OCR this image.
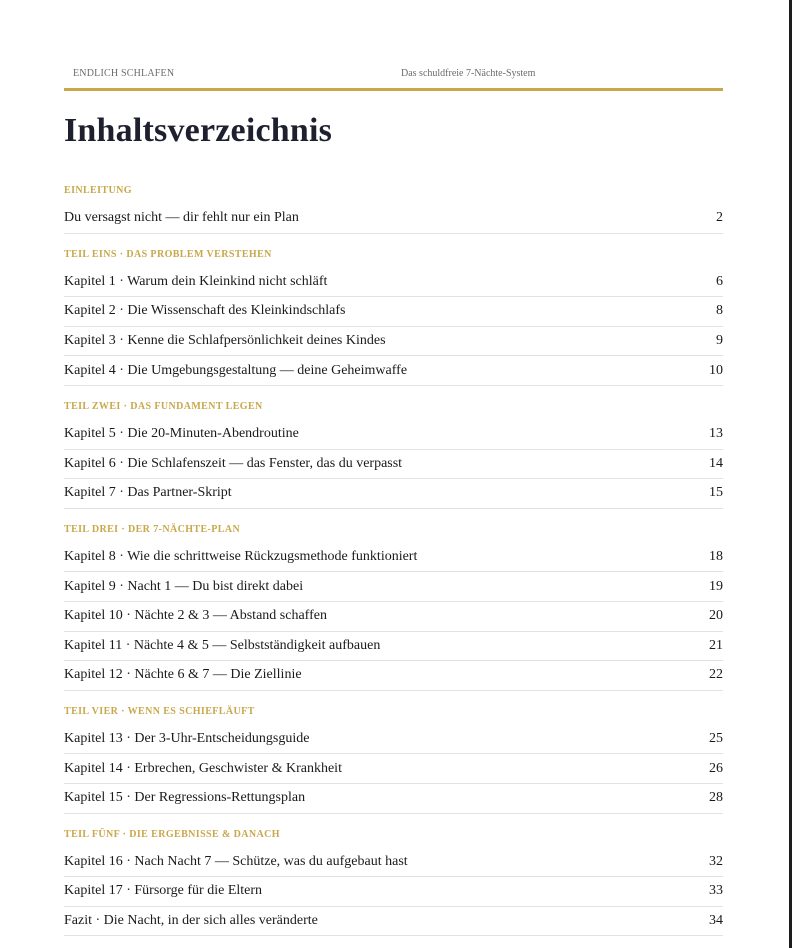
ENDLICH SCHLAFEN	Das schuldfreie 7-Nächte-System
Inhaltsverzeichnis
EINLEITUNG
Du versagst nicht — dir fehlt nur ein Plan	2
TEIL EINS · DAS PROBLEM VERSTEHEN
Kapitel 1 · Warum dein Kleinkind nicht schläft	6
Kapitel 2 · Die Wissenschaft des Kleinkindschlafs	8
Kapitel 3 · Kenne die Schlafpersönlichkeit deines Kindes	9
Kapitel 4 · Die Umgebungsgestaltung — deine Geheimwaffe	10
TEIL ZWEI · DAS FUNDAMENT LEGEN
Kapitel 5 · Die 20-Minuten-Abendroutine	13
Kapitel 6 · Die Schlafenszeit — das Fenster, das du verpasst	14
Kapitel 7 · Das Partner-Skript	15
TEIL DREI · DER 7-NÄCHTE-PLAN
Kapitel 8 · Wie die schrittweise Rückzugsmethode funktioniert	18
Kapitel 9 · Nacht 1 — Du bist direkt dabei	19
Kapitel 10 · Nächte 2 & 3 — Abstand schaffen	20
Kapitel 11 · Nächte 4 & 5 — Selbstständigkeit aufbauen	21
Kapitel 12 · Nächte 6 & 7 — Die Ziellinie	22
TEIL VIER · WENN ES SCHIEFLÄUFT
Kapitel 13 · Der 3-Uhr-Entscheidungsguide	25
Kapitel 14 · Erbrechen, Geschwister & Krankheit	26
Kapitel 15 · Der Regressions-Rettungsplan	28
TEIL FÜNF · DIE ERGEBNISSE & DANACH
Kapitel 16 · Nach Nacht 7 — Schütze, was du aufgebaut hast	32
Kapitel 17 · Fürsorge für die Eltern	33
Fazit · Die Nacht, in der sich alles veränderte	34
